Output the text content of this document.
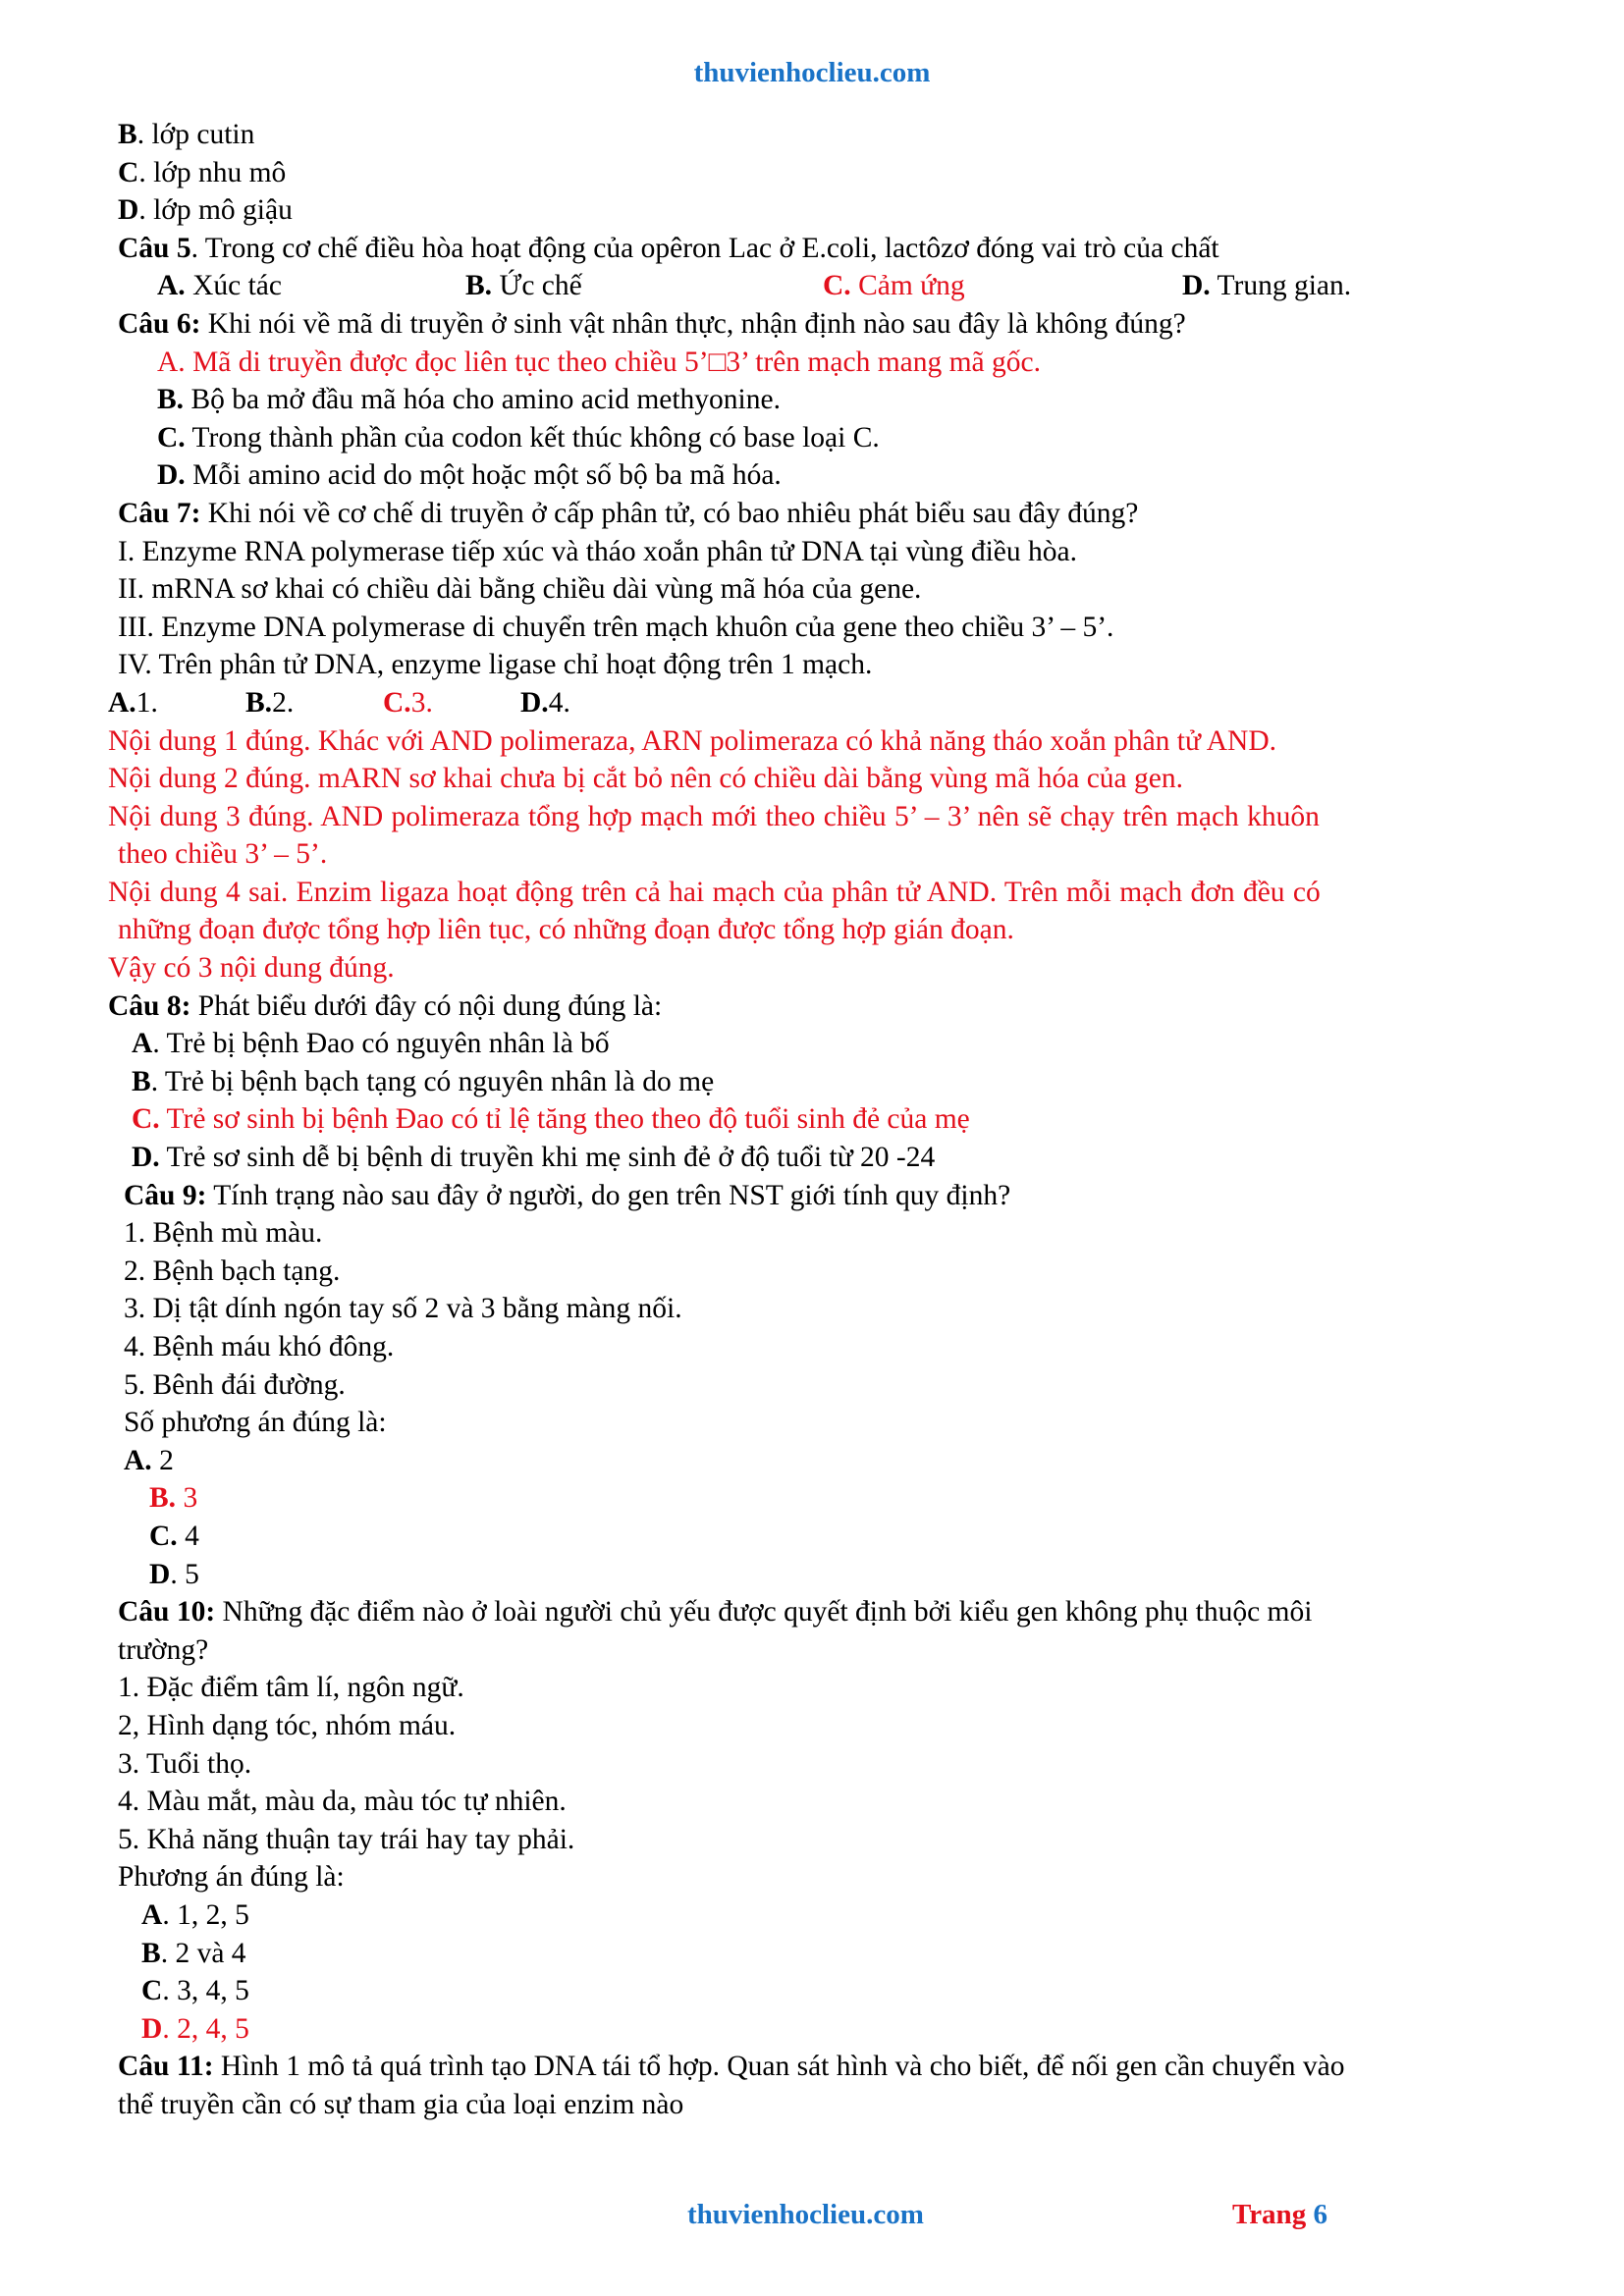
thuvienhoclieu.com
B. lớp cutin
C. lớp nhu mô
D. lớp mô giậu
Câu 5. Trong cơ chế điều hòa hoạt động của opêron Lac ở E.coli, lactôzơ đóng vai trò của chất
A. Xúc tác	B. Ức chế	C. Cảm ứng	D. Trung gian.
Câu 6: Khi nói về mã di truyền ở sinh vật nhân thực, nhận định nào sau đây là không đúng?
A. Mã di truyền được đọc liên tục theo chiều 5’□3’ trên mạch mang mã gốc.
B. Bộ ba mở đầu mã hóa cho amino acid methyonine.
C. Trong thành phần của codon kết thúc không có base loại C.
D. Mỗi amino acid do một hoặc một số bộ ba mã hóa.
Câu 7: Khi nói về cơ chế di truyền ở cấp phân tử, có bao nhiêu phát biểu sau đây đúng?
I. Enzyme RNA polymerase tiếp xúc và tháo xoắn phân tử DNA tại vùng điều hòa.
II. mRNA sơ khai có chiều dài bằng chiều dài vùng mã hóa của gene.
III. Enzyme DNA polymerase di chuyển trên mạch khuôn của gene theo chiều 3’ – 5’.
IV. Trên phân tử DNA, enzyme ligase chỉ hoạt động trên 1 mạch.
A.1.	B.2.	C.3.	D.4.
Nội dung 1 đúng. Khác với AND polimeraza, ARN polimeraza có khả năng tháo xoắn phân tử AND.
Nội dung 2 đúng. mARN sơ khai chưa bị cắt bỏ nên có chiều dài bằng vùng mã hóa của gen.
Nội dung 3 đúng. AND polimeraza tổng hợp mạch mới theo chiều 5’ – 3’ nên sẽ chạy trên mạch khuôn
theo chiều 3’ – 5’.
Nội dung 4 sai. Enzim ligaza hoạt động trên cả hai mạch của phân tử AND. Trên mỗi mạch đơn đều có
những đoạn được tổng hợp liên tục, có những đoạn được tổng hợp gián đoạn.
Vậy có 3 nội dung đúng.
Câu 8: Phát biểu dưới đây có nội dung đúng là:
A. Trẻ bị bệnh Đao có nguyên nhân là bố
B. Trẻ bị bệnh bạch tạng có nguyên nhân là do mẹ
C. Trẻ sơ sinh bị bệnh Đao có tỉ lệ tăng theo theo độ tuổi sinh đẻ của mẹ
D. Trẻ sơ sinh dễ bị bệnh di truyền khi mẹ sinh đẻ ở độ tuổi từ 20 -24
Câu 9: Tính trạng nào sau đây ở người, do gen trên NST giới tính quy định?
1. Bệnh mù màu.
2. Bệnh bạch tạng.
3. Dị tật dính ngón tay số 2 và 3 bằng màng nối.
4. Bệnh máu khó đông.
5. Bênh đái đường.
Số phương án đúng là:
A. 2
B. 3
C. 4
D. 5
Câu 10: Những đặc điểm nào ở loài người chủ yếu được quyết định bởi kiểu gen không phụ thuộc môi
trường?
1. Đặc điểm tâm lí, ngôn ngữ.
2, Hình dạng tóc, nhóm máu.
3. Tuổi thọ.
4. Màu mắt, màu da, màu tóc tự nhiên.
5. Khả năng thuận tay trái hay tay phải.
Phương án đúng là:
A. 1, 2, 5
B. 2 và 4
C. 3, 4, 5
D. 2, 4, 5
Câu 11: Hình 1 mô tả quá trình tạo DNA tái tổ hợp. Quan sát hình và cho biết, để nối gen cần chuyển vào
thể truyền cần có sự tham gia của loại enzim nào
thuvienhoclieu.com	Trang 6
